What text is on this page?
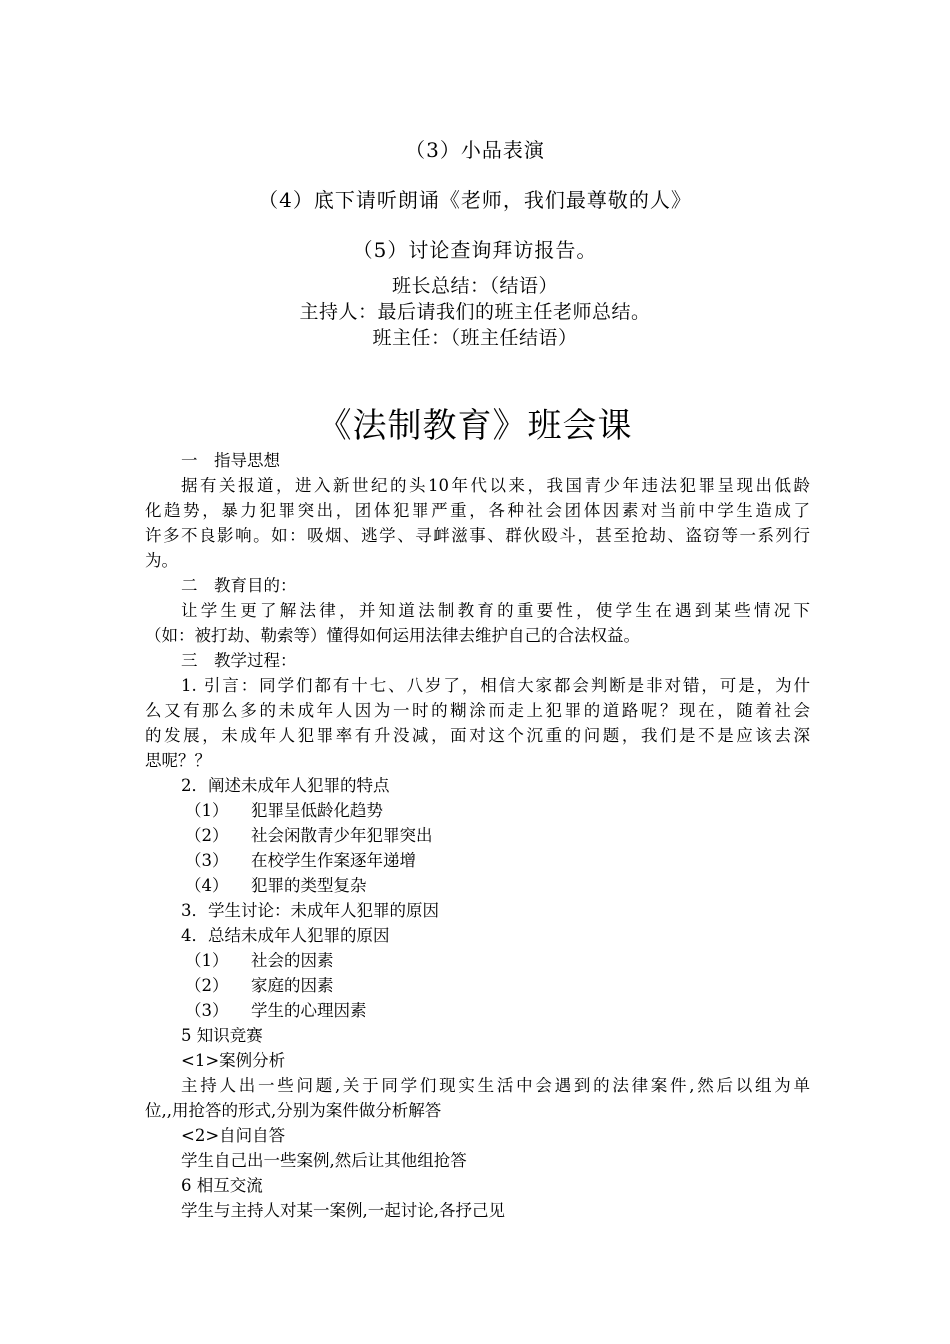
（3）小品表演
（4）底下请听朗诵《老师，我们最尊敬的人》
（5）讨论查询拜访报告。
班长总结：（结语）
主持人：最后请我们的班主任老师总结。
班主任：（班主任结语）
《法制教育》班会课
一　指导思想
据有关报道，进入新世纪的头10年代以来，我国青少年违法犯罪呈现出低龄
化趋势，暴力犯罪突出，团体犯罪严重，各种社会团体因素对当前中学生造成了
许多不良影响。如：吸烟、逃学、寻衅滋事、群伙殴斗，甚至抢劫、盗窃等一系列行
为。
二　教育目的：
让学生更了解法律，并知道法制教育的重要性，使学生在遇到某些情况下
（如：被打劫、勒索等）懂得如何运用法律去维护自己的合法权益。
三　教学过程：
1. 引言：同学们都有十七、八岁了，相信大家都会判断是非对错，可是，为什
么又有那么多的未成年人因为一时的糊涂而走上犯罪的道路呢？现在，随着社会
的发展，未成年人犯罪率有升没减，面对这个沉重的问题，我们是不是应该去深
思呢？？
2．阐述未成年人犯罪的特点
（1） 犯罪呈低龄化趋势
（2） 社会闲散青少年犯罪突出
（3） 在校学生作案逐年递增
（4） 犯罪的类型复杂
3．学生讨论：未成年人犯罪的原因
4．总结未成年人犯罪的原因
（1） 社会的因素
（2） 家庭的因素
（3） 学生的心理因素
5 知识竞赛
<1>案例分析
主持人出一些问题,关于同学们现实生活中会遇到的法律案件,然后以组为单
位,,用抢答的形式,分别为案件做分析解答
<2>自问自答
学生自己出一些案例,然后让其他组抢答
6 相互交流
学生与主持人对某一案例,一起讨论,各抒己见
